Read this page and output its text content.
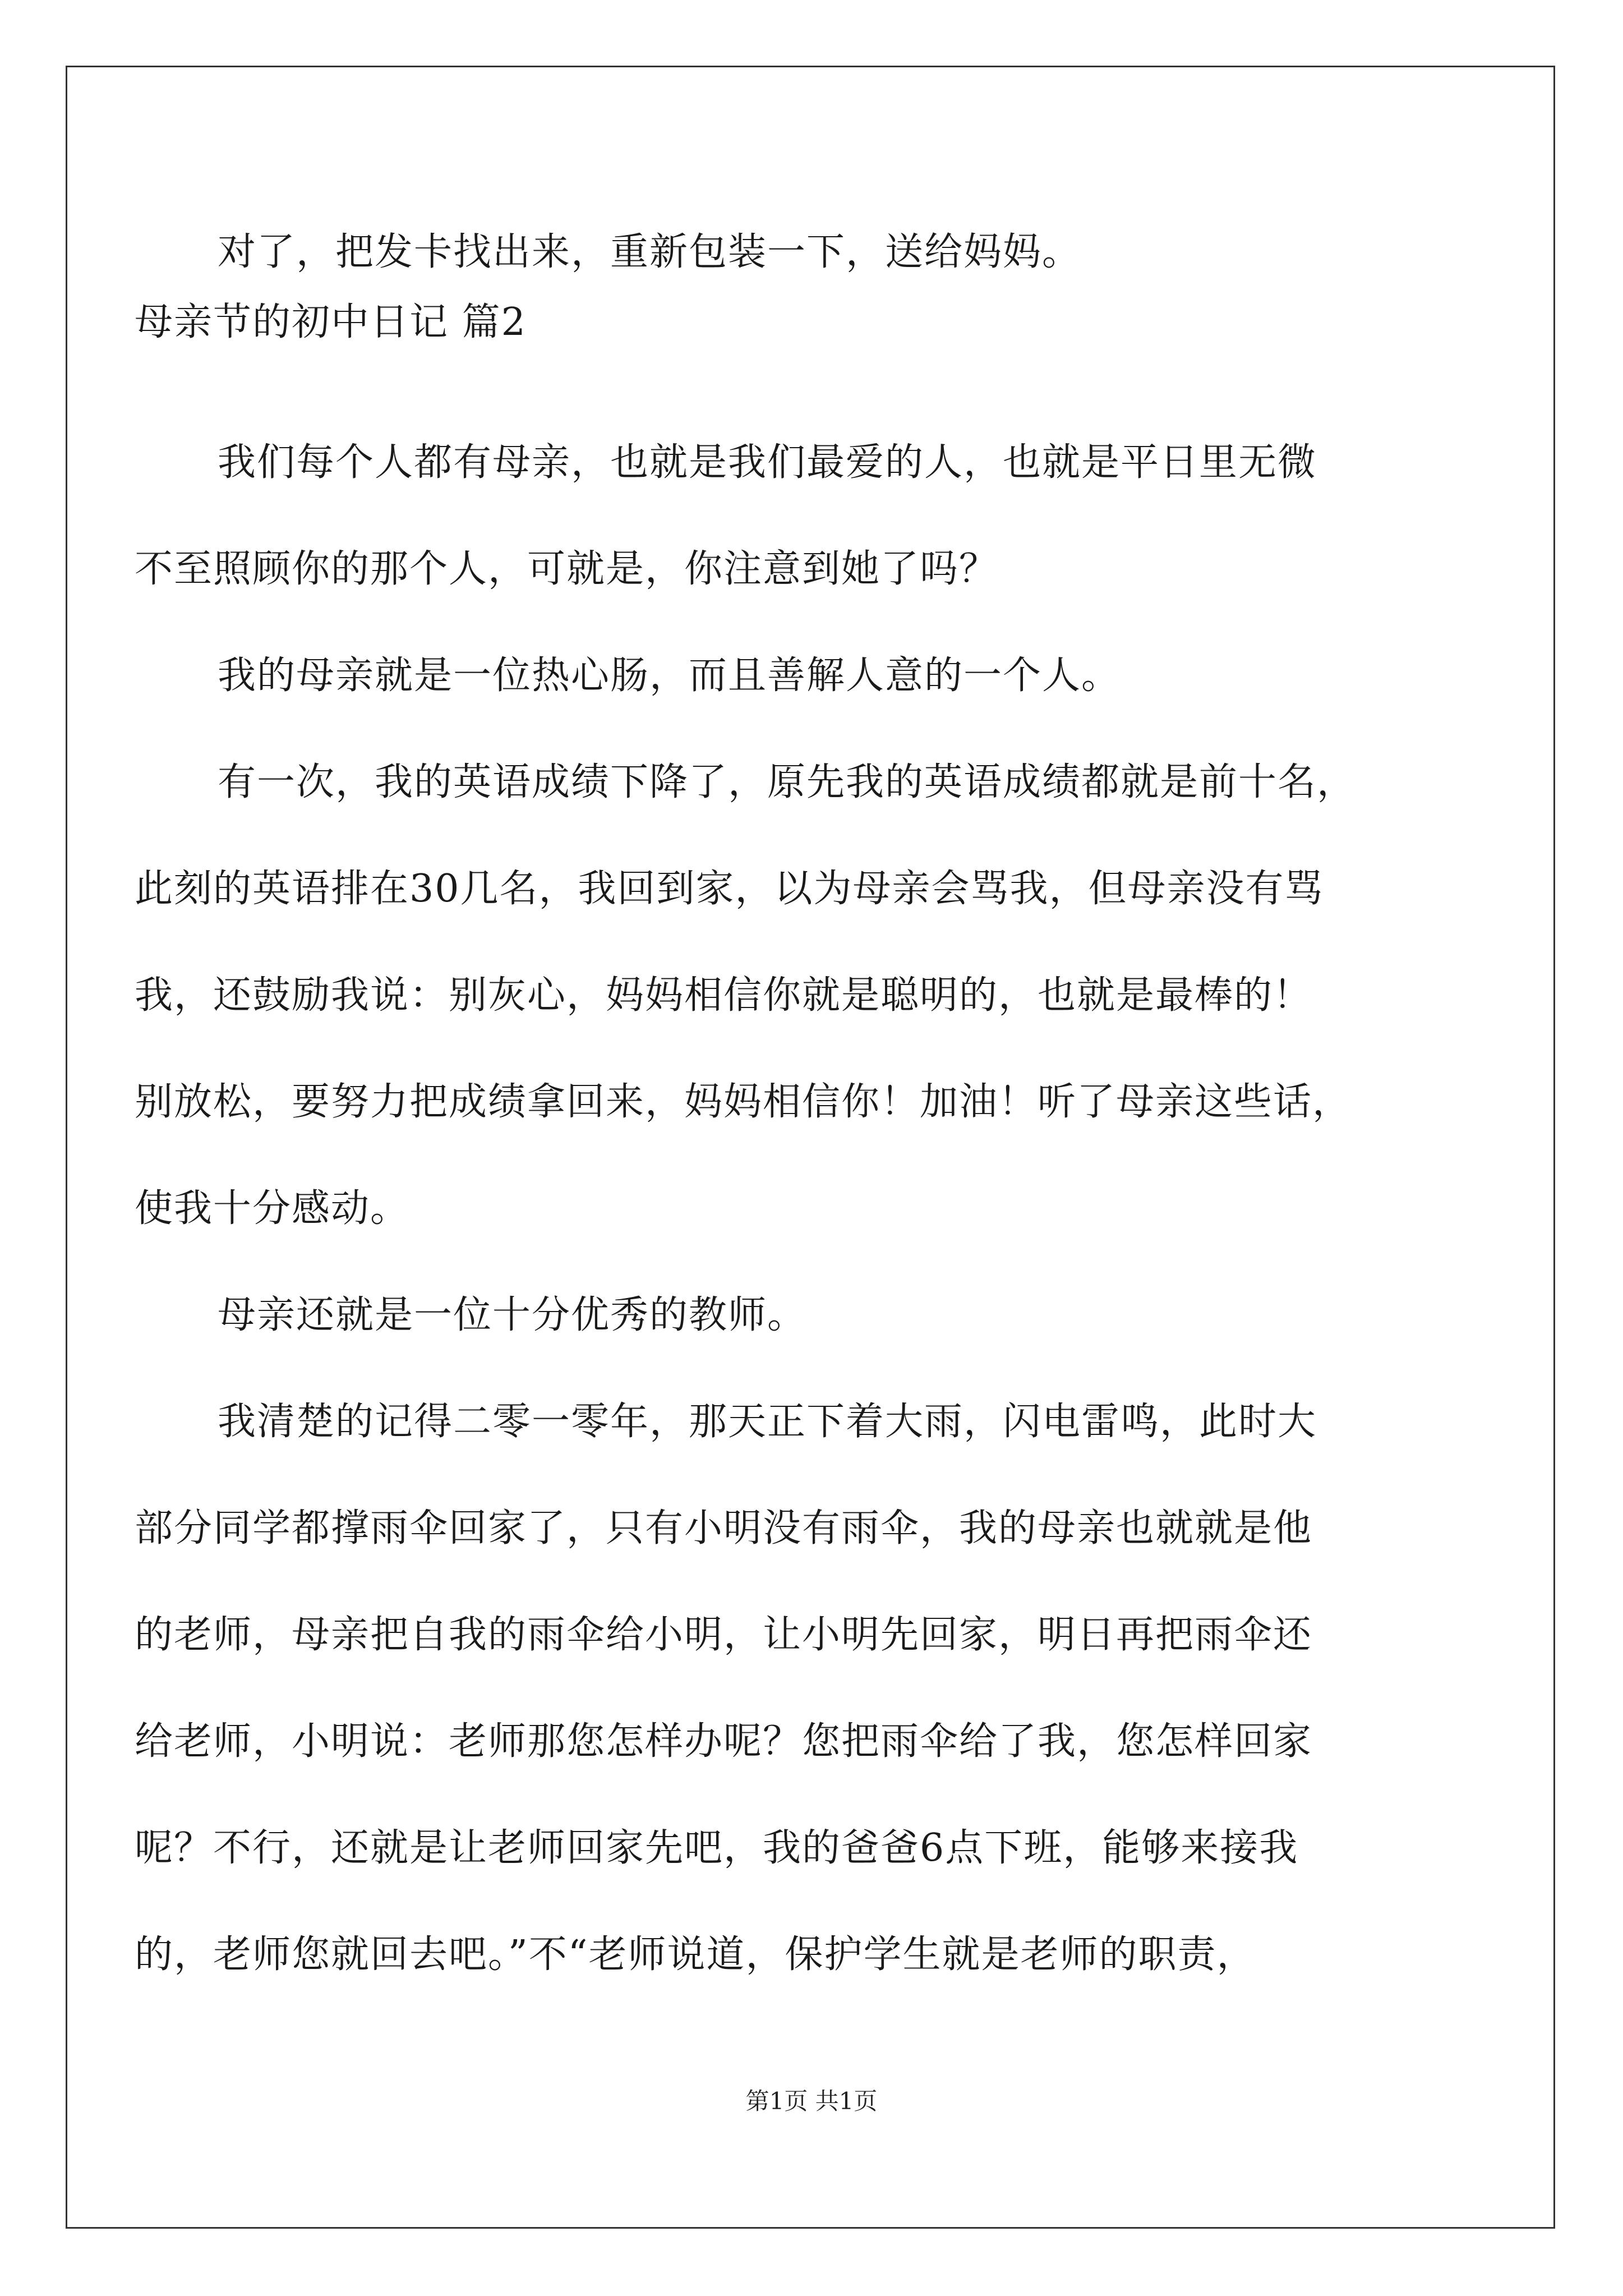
对了，把发卡找出来，重新包装一下，送给妈妈。
母亲节的初中日记 篇2
我们每个人都有母亲，也就是我们最爱的人，也就是平日里无微
不至照顾你的那个人，可就是，你注意到她了吗？
我的母亲就是一位热心肠，而且善解人意的一个人。
有一次，我的英语成绩下降了，原先我的英语成绩都就是前十名，
此刻的英语排在30几名，我回到家，以为母亲会骂我，但母亲没有骂
我，还鼓励我说：别灰心，妈妈相信你就是聪明的，也就是最棒的！
别放松，要努力把成绩拿回来，妈妈相信你！加油！听了母亲这些话，
使我十分感动。
母亲还就是一位十分优秀的教师。
我清楚的记得二零一零年，那天正下着大雨，闪电雷鸣，此时大
部分同学都撑雨伞回家了，只有小明没有雨伞，我的母亲也就就是他
的老师，母亲把自我的雨伞给小明，让小明先回家，明日再把雨伞还
给老师，小明说：老师那您怎样办呢？您把雨伞给了我，您怎样回家
呢？不行，还就是让老师回家先吧，我的爸爸6点下班，能够来接我
的，老师您就回去吧。”不“老师说道，保护学生就是老师的职责，
第1页 共1页
